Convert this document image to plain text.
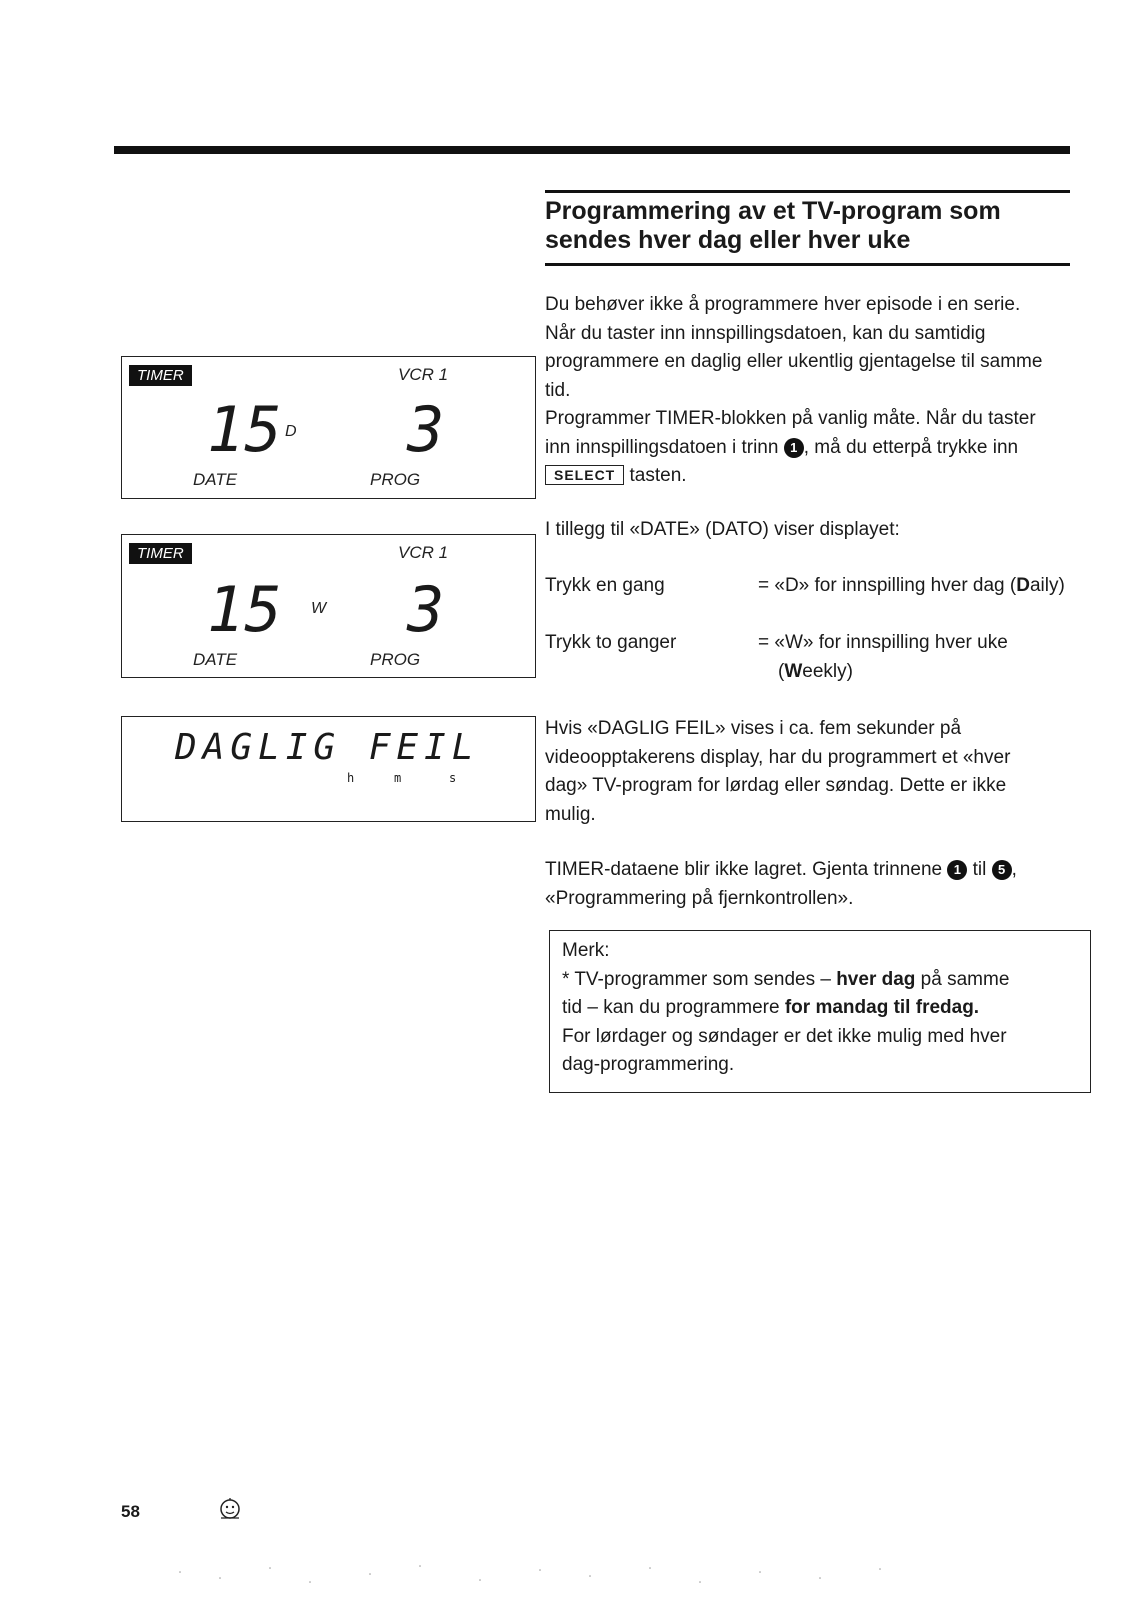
Programmering av et TV-program som sendes hver dag eller hver uke

Du behøver ikke å programmere hver episode i en serie.

Når du taster inn innspillingsdatoen, kan du samtidig

programmere en daglig eller ukentlig gjentagelse til samme

tid.

Programmer TIMER-blokken på vanlig måte. Når du taster

inn innspillingsdatoen i trinn 1 , må du etterpå trykke inn

SELECT tasten.

I tillegg til «DATE» (DATO) viser displayet:
Trykk en gang	= «D» for innspilling hver dag (Daily)
Trykk to ganger	= «W» for innspilling hver uke

(Weekly)

Hvis «DAGLIG FEIL» vises i ca. fem sekunder på

videoopptakerens display, har du programmert et «hver

dag» TV-program for lørdag eller søndag. Dette er ikke

mulig.

TIMER-dataene blir ikke lagret. Gjenta trinnene 1 til 5 ,

«Programmering på fjernkontrollen».

Merk:

* TV-programmer som sendes – hver dag på samme

tid – kan du programmere for mandag til fredag.

For lørdager og søndager er det ikke mulig med hver

dag-programmering.

TIMER	VCR 1
15 3
D
DATE	PROG
TIMER	VCR 1
15 3
W
DATE	PROG
DAGLIG FEIL
h	m	s
58
